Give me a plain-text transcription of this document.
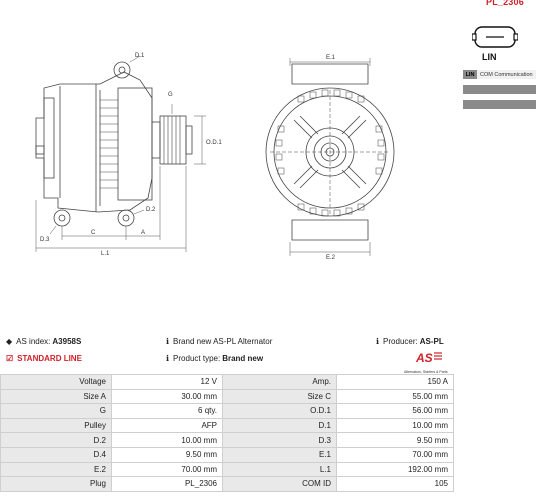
D.1
G
O.D.1
D.2
D.3
C	A
L.1
E.1
E.2
PL_2306
LIN
LIN	COM Communication
◆ AS index: A3958S	ℹ Brand new AS-PL Alternator	ℹ Producer: AS-PL
☑ STANDARD LINE	ℹ Product type: Brand new	AS
Alternators, Starters & Parts
Voltage	12 V	Amp.	150 A
Size A	30.00 mm	Size C	55.00 mm
G	6 qty.	O.D.1	56.00 mm
Pulley	AFP	D.1	10.00 mm
D.2	10.00 mm	D.3	9.50 mm
D.4	9.50 mm	E.1	70.00 mm
E.2	70.00 mm	L.1	192.00 mm
Plug	PL_2306	COM ID	105
